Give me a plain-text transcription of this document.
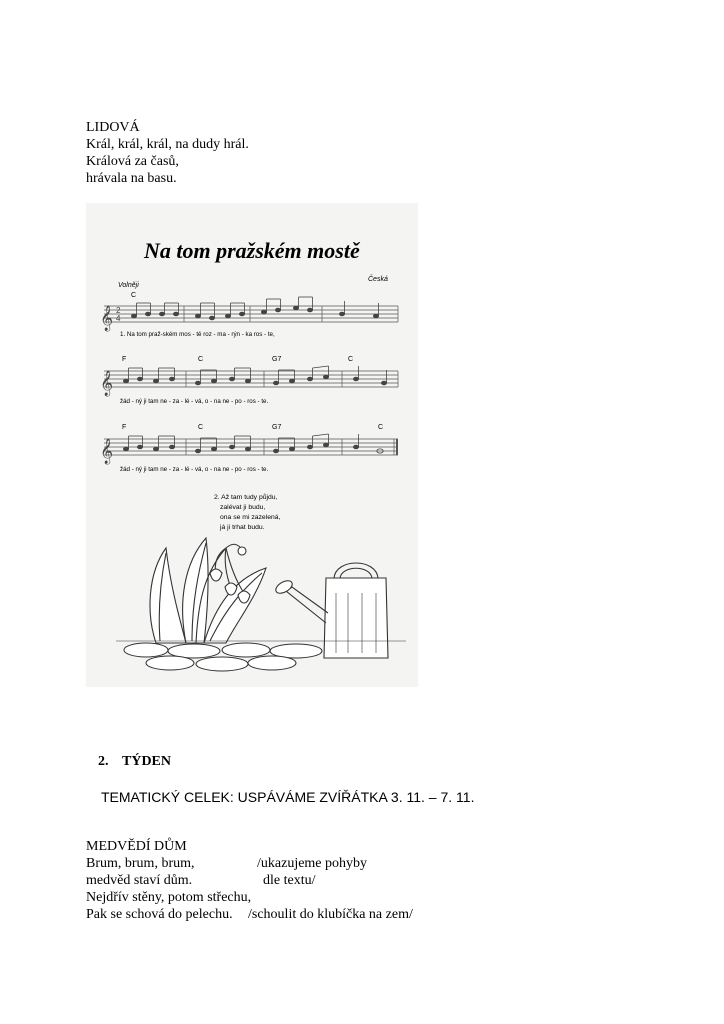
LIDOVÁ
Král, král, král, na dudy hrál.
Králová za časů,
hrávala na basu.
Na tom pražském mostě
Volněji
Česká
𝄞 2
4
C
1. Na tom praž-ském mos - tě roz - ma - rýn - ka ros - te,
𝄞
F	C	G7	C
žád - ný ji tam ne - za - lé - vá, o - na ne - po - ros - te.
𝄞
F	C	G7	C
žád - ný ji tam ne - za - lé - vá, o - na ne - po - ros - te.
2. Až tam tudy půjdu,
zalévat ji budu,
ona se mi zazelená,
já ji trhat budu.
2. TÝDEN
TEMATICKÝ CELEK: USPÁVÁME ZVÍŘÁTKA 3. 11. – 7. 11.
MEDVĚDÍ DŮM
Brum, brum, brum,	/ukazujeme pohyby
medvěd staví dům.	dle textu/
Nejdřív stěny, potom střechu,
Pak se schová do pelechu. /schoulit do klubíčka na zem/
